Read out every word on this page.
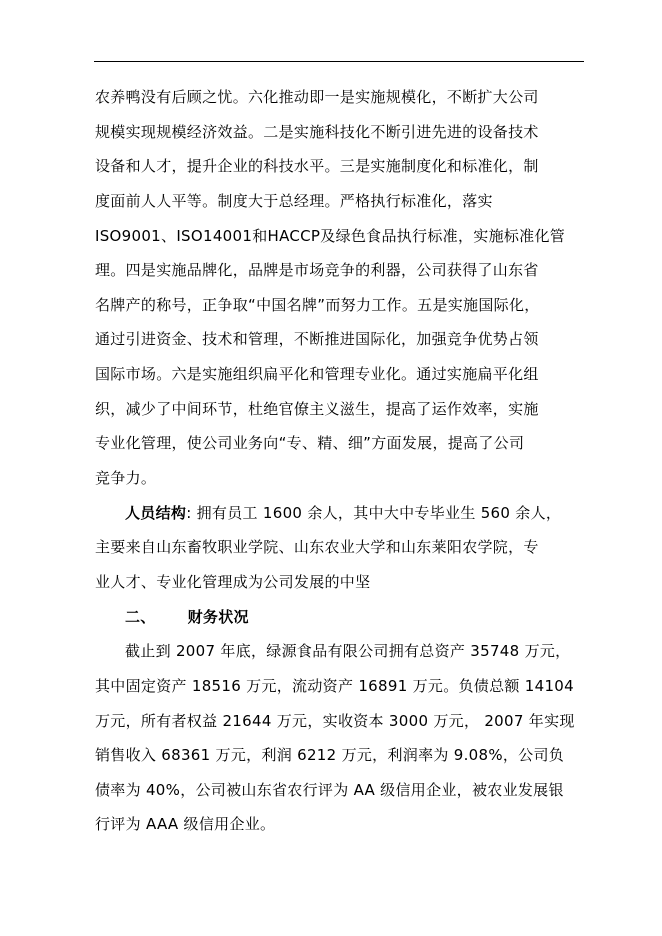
农养鸭没有后顾之忧。六化推动即一是实施规模化，不断扩大公司
规模实现规模经济效益。二是实施科技化不断引进先进的设备技术
设备和人才，提升企业的科技水平。三是实施制度化和标准化，制
度面前人人平等。制度大于总经理。严格执行标准化，落实
ISO9001、ISO14001和HACCP及绿色食品执行标准，实施标准化管
理。四是实施品牌化，品牌是市场竞争的利器，公司获得了山东省
名牌产的称号，正争取“中国名牌”而努力工作。五是实施国际化，
通过引进资金、技术和管理，不断推进国际化，加强竞争优势占领
国际市场。六是实施组织扁平化和管理专业化。通过实施扁平化组
织，减少了中间环节，杜绝官僚主义滋生，提高了运作效率，实施
专业化管理，使公司业务向“专、精、细”方面发展，提高了公司
竞争力。
人员结构: 拥有员工 1600 余人，其中大中专毕业生 560 余人，
主要来自山东畜牧职业学院、山东农业大学和山东莱阳农学院，专
业人才、专业化管理成为公司发展的中坚
二、 财务状况
截止到 2007 年底，绿源食品有限公司拥有总资产 35748 万元，
其中固定资产 18516 万元，流动资产 16891 万元。负债总额 14104
万元，所有者权益 21644 万元，实收资本 3000 万元， 2007 年实现
销售收入 68361 万元，利润 6212 万元，利润率为 9.08%，公司负
债率为 40%，公司被山东省农行评为 AA 级信用企业，被农业发展银
行评为 AAA 级信用企业。
